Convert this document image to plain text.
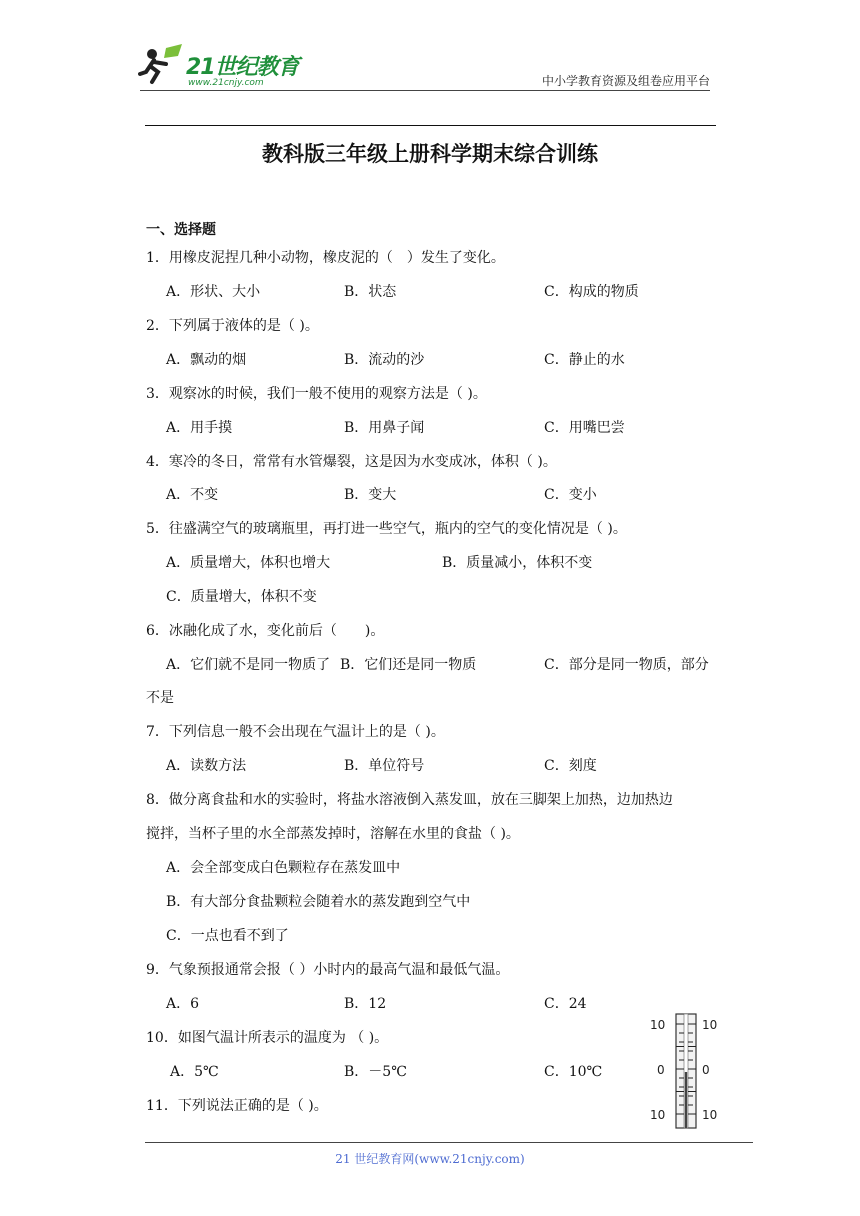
21世纪教育
www.21cnjy.com	中小学教育资源及组卷应用平台
教科版三年级上册科学期末综合训练
一、选择题
1．用橡皮泥捏几种小动物，橡皮泥的（　）发生了变化。
A．形状、大小	B．状态	C．构成的物质
2．下列属于液体的是（ )。
A．飘动的烟	B．流动的沙	C．静止的水
3．观察冰的时候，我们一般不使用的观察方法是（ )。
A．用手摸	B．用鼻子闻	C．用嘴巴尝
4．寒冷的冬日，常常有水管爆裂，这是因为水变成冰，体积（ )。
A．不变	B．变大	C．变小
5．往盛满空气的玻璃瓶里，再打进一些空气，瓶内的空气的变化情况是（ )。
A．质量增大，体积也增大	B．质量减小，体积不变
C．质量增大，体积不变
6．冰融化成了水，变化前后（　　)。
A．它们就不是同一物质了 B．它们还是同一物质	C．部分是同一物质，部分
不是
7．下列信息一般不会出现在气温计上的是（ )。
A．读数方法	B．单位符号	C．刻度
8．做分离食盐和水的实验时，将盐水溶液倒入蒸发皿，放在三脚架上加热，边加热边
搅拌，当杯子里的水全部蒸发掉时，溶解在水里的食盐（ )。
A．会全部变成白色颗粒存在蒸发皿中
B．有大部分食盐颗粒会随着水的蒸发跑到空气中
C．一点也看不到了
9．气象预报通常会报（ ）小时内的最高气温和最低气温。
A．6	B．12	C．24
10．如图气温计所表示的温度为 （ )。
A．5℃	B．－5℃	C．10℃
11．下列说法正确的是（ )。
10
0
10
10
0
10
21 世纪教育网(www.21cnjy.com)
